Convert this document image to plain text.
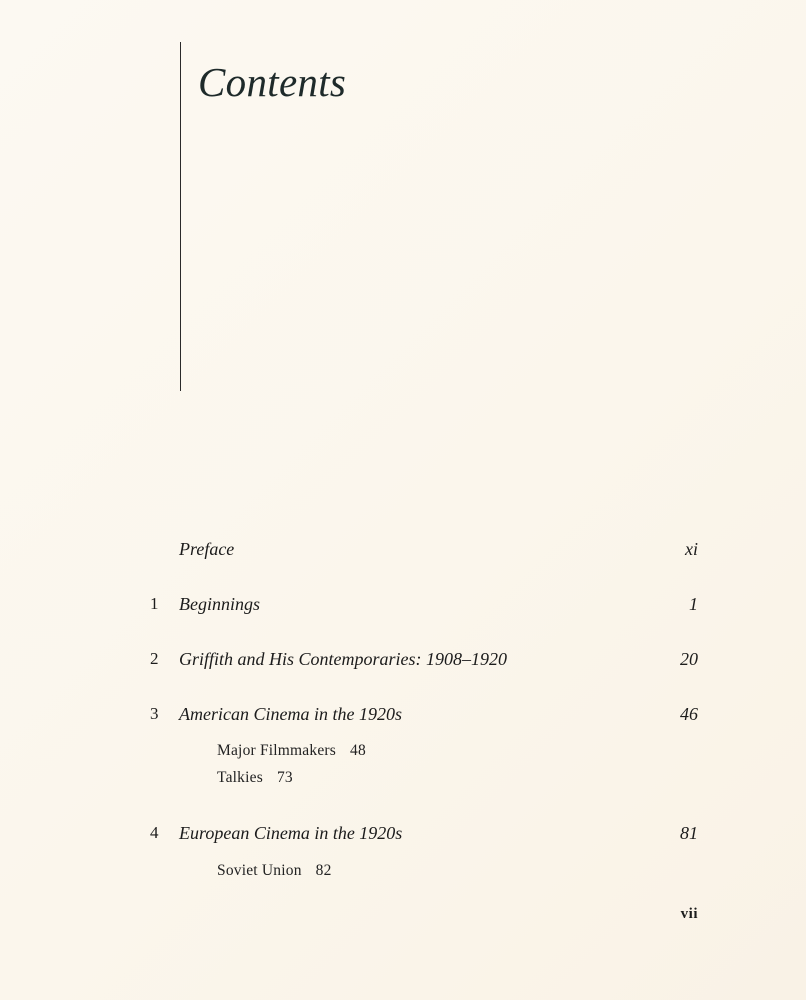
Contents
Preface	xi
1 Beginnings	1
2 Griffith and His Contemporaries: 1908–1920	20
3 American Cinema in the 1920s	46
Major Filmmakers 48
Talkies 73
4 European Cinema in the 1920s	81
Soviet Union 82
vii
